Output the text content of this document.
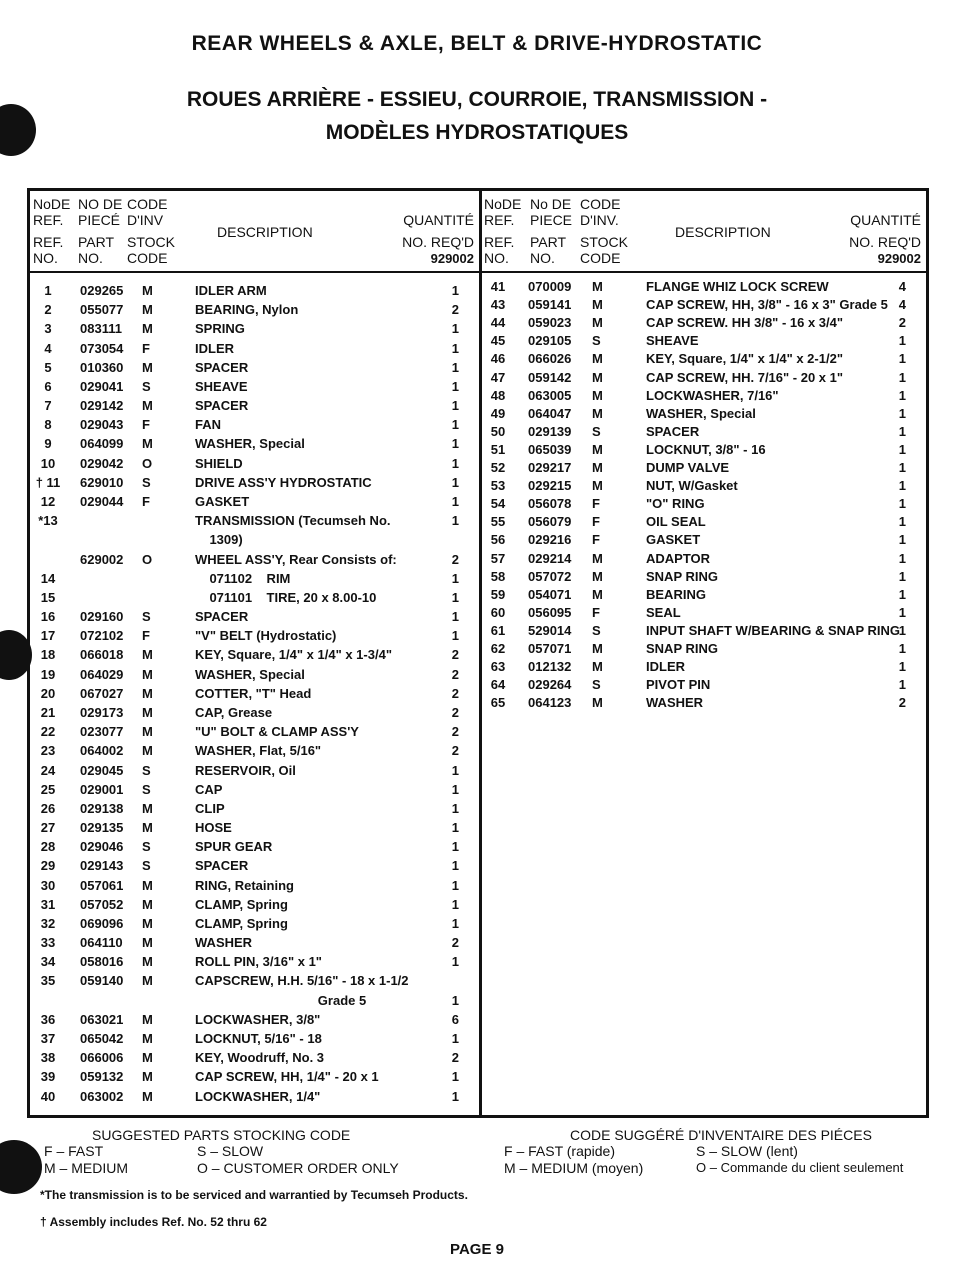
REAR WHEELS & AXLE, BELT & DRIVE-HYDROSTATIC
ROUES ARRIÈRE - ESSIEU, COURROIE, TRANSMISSION -
MODÈLES HYDROSTATIQUES
NoDE
REF.
REF.
NO.
NO DE
PIECÉ
PART
NO.
CODE
D'INV
STOCK
CODE
DESCRIPTION
QUANTITÉ
NO. REQ'D
929002
1	029265 M	IDLER ARM	1
2	055077 M	BEARING, Nylon	2
3	083111 M	SPRING	1
4	073054 F	IDLER	1
5	010360 M	SPACER	1
6	029041 S	SHEAVE	1
7	029142 M	SPACER	1
8	029043 F	FAN	1
9	064099 M	WASHER, Special	1
10	029042 O	SHIELD	1
† 11 629010 S	DRIVE ASS'Y HYDROSTATIC	1
12	029044 F	GASKET	1
*13	TRANSMISSION (Tecumseh No.	1
1309)
629002 O	WHEEL ASS'Y, Rear Consists of:	2
14	071102    RIM	1
15	071101    TIRE, 20 x 8.00-10	1
16	029160 S	SPACER	1
17	072102 F	"V" BELT (Hydrostatic)	1
18	066018 M	KEY, Square, 1/4" x 1/4" x 1-3/4"	2
19	064029 M	WASHER, Special	2
20	067027 M	COTTER, "T" Head	2
21	029173 M	CAP, Grease	2
22	023077 M	"U" BOLT & CLAMP ASS'Y	2
23	064002 M	WASHER, Flat, 5/16"	2
24	029045 S	RESERVOIR, Oil	1
25	029001 S	CAP	1
26	029138 M	CLIP	1
27	029135 M	HOSE	1
28	029046 S	SPUR GEAR	1
29	029143 S	SPACER	1
30	057061 M	RING, Retaining	1
31	057052 M	CLAMP, Spring	1
32	069096 M	CLAMP, Spring	1
33	064110 M	WASHER	2
34	058016 M	ROLL PIN, 3/16" x 1"	1
35	059140 M	CAPSCREW, H.H. 5/16" - 18 x 1-1/2
Grade 5	1
36	063021 M	LOCKWASHER, 3/8"	6
37	065042 M	LOCKNUT, 5/16" - 18	1
38	066006 M	KEY, Woodruff, No. 3	2
39	059132 M	CAP SCREW, HH, 1/4" - 20 x 1	1
40	063002 M	LOCKWASHER, 1/4"	1
NoDE
REF.
REF.
NO.
No DE
PIECE
PART
NO.
CODE
D'INV.
STOCK
CODE
DESCRIPTION
QUANTITÉ
NO. REQ'D
929002
41	070009 M	FLANGE WHIZ LOCK SCREW	4
43	059141 M	CAP SCREW, HH, 3/8" - 16 x 3" Grade 5 4
44	059023 M	CAP SCREW. HH 3/8" - 16 x 3/4"	2
45	029105 S	SHEAVE	1
46	066026 M	KEY, Square, 1/4" x 1/4" x 2-1/2"	1
47	059142 M	CAP SCREW, HH. 7/16" - 20 x 1"	1
48	063005 M	LOCKWASHER, 7/16"	1
49	064047 M	WASHER, Special	1
50	029139 S	SPACER	1
51	065039 M	LOCKNUT, 3/8" - 16	1
52	029217 M	DUMP VALVE	1
53	029215 M	NUT, W/Gasket	1
54	056078 F	"O" RING	1
55	056079 F	OIL SEAL	1
56	029216 F	GASKET	1
57	029214 M	ADAPTOR	1
58	057072 M	SNAP RING	1
59	054071 M	BEARING	1
60	056095 F	SEAL	1
61	529014 S	INPUT SHAFT W/BEARING & SNAP RING
1
62	057071 M	SNAP RING	1
63	012132 M	IDLER	1
64	029264 S	PIVOT PIN	1
65	064123 M	WASHER	2
SUGGESTED PARTS STOCKING CODE
F – FAST	S – SLOW
M – MEDIUM	O – CUSTOMER ORDER ONLY
CODE SUGGÉRÉ D'INVENTAIRE DES PIÉCES
F – FAST (rapide)	S – SLOW (lent)
M – MEDIUM (moyen)	O – Commande du client seulement
*The transmission is to be serviced and warrantied by Tecumseh Products.
† Assembly includes Ref. No. 52 thru 62
PAGE 9
